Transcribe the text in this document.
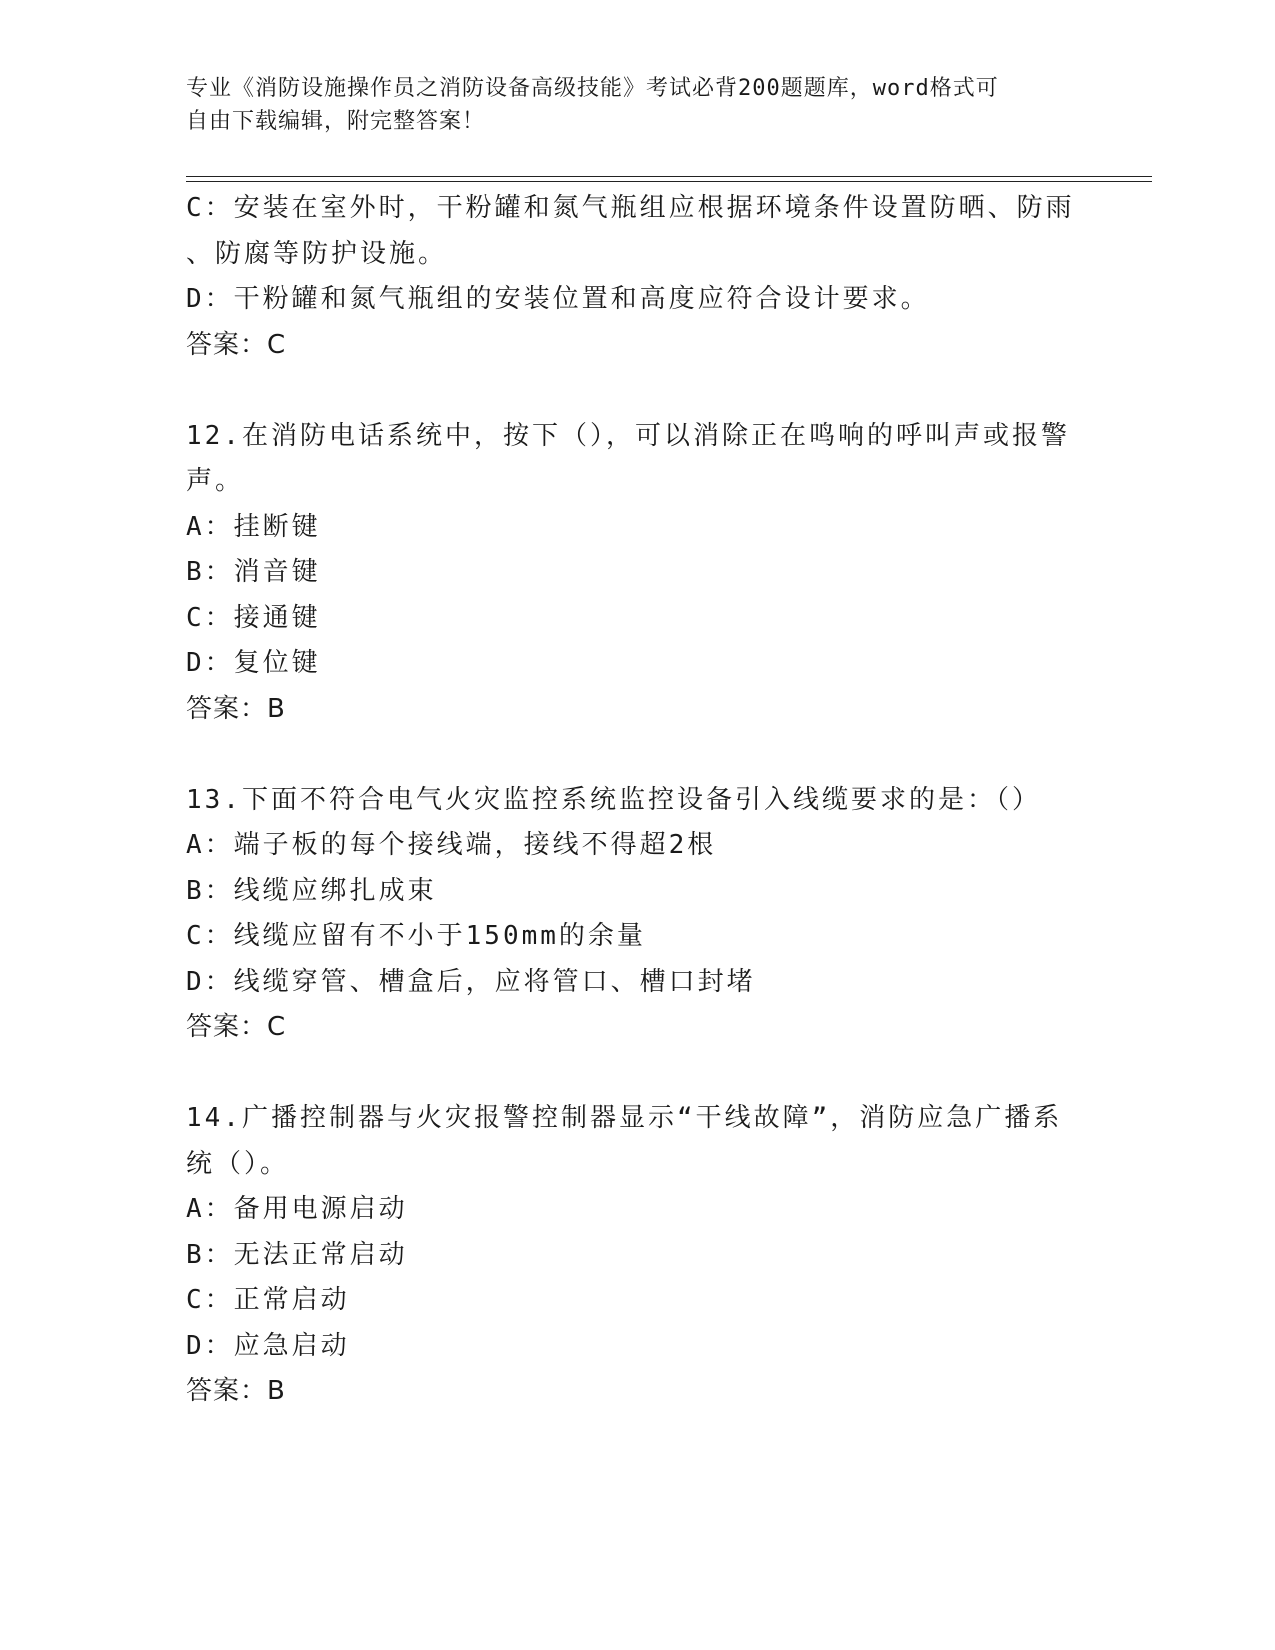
专业《消防设施操作员之消防设备高级技能》考试必背200题题库，word格式可
自由下载编辑，附完整答案！
C：安装在室外时，干粉罐和氮气瓶组应根据环境条件设置防晒、防雨
、防腐等防护设施。
D：干粉罐和氮气瓶组的安装位置和高度应符合设计要求。
答案：C
12.在消防电话系统中，按下（），可以消除正在鸣响的呼叫声或报警
声。
A：挂断键
B：消音键
C：接通键
D：复位键
答案：B
13.下面不符合电气火灾监控系统监控设备引入线缆要求的是：（）
A：端子板的每个接线端，接线不得超2根
B：线缆应绑扎成束
C：线缆应留有不小于150mm的余量
D：线缆穿管、槽盒后，应将管口、槽口封堵
答案：C
14.广播控制器与火灾报警控制器显示“干线故障”，消防应急广播系
统（）。
A：备用电源启动
B：无法正常启动
C：正常启动
D：应急启动
答案：B
